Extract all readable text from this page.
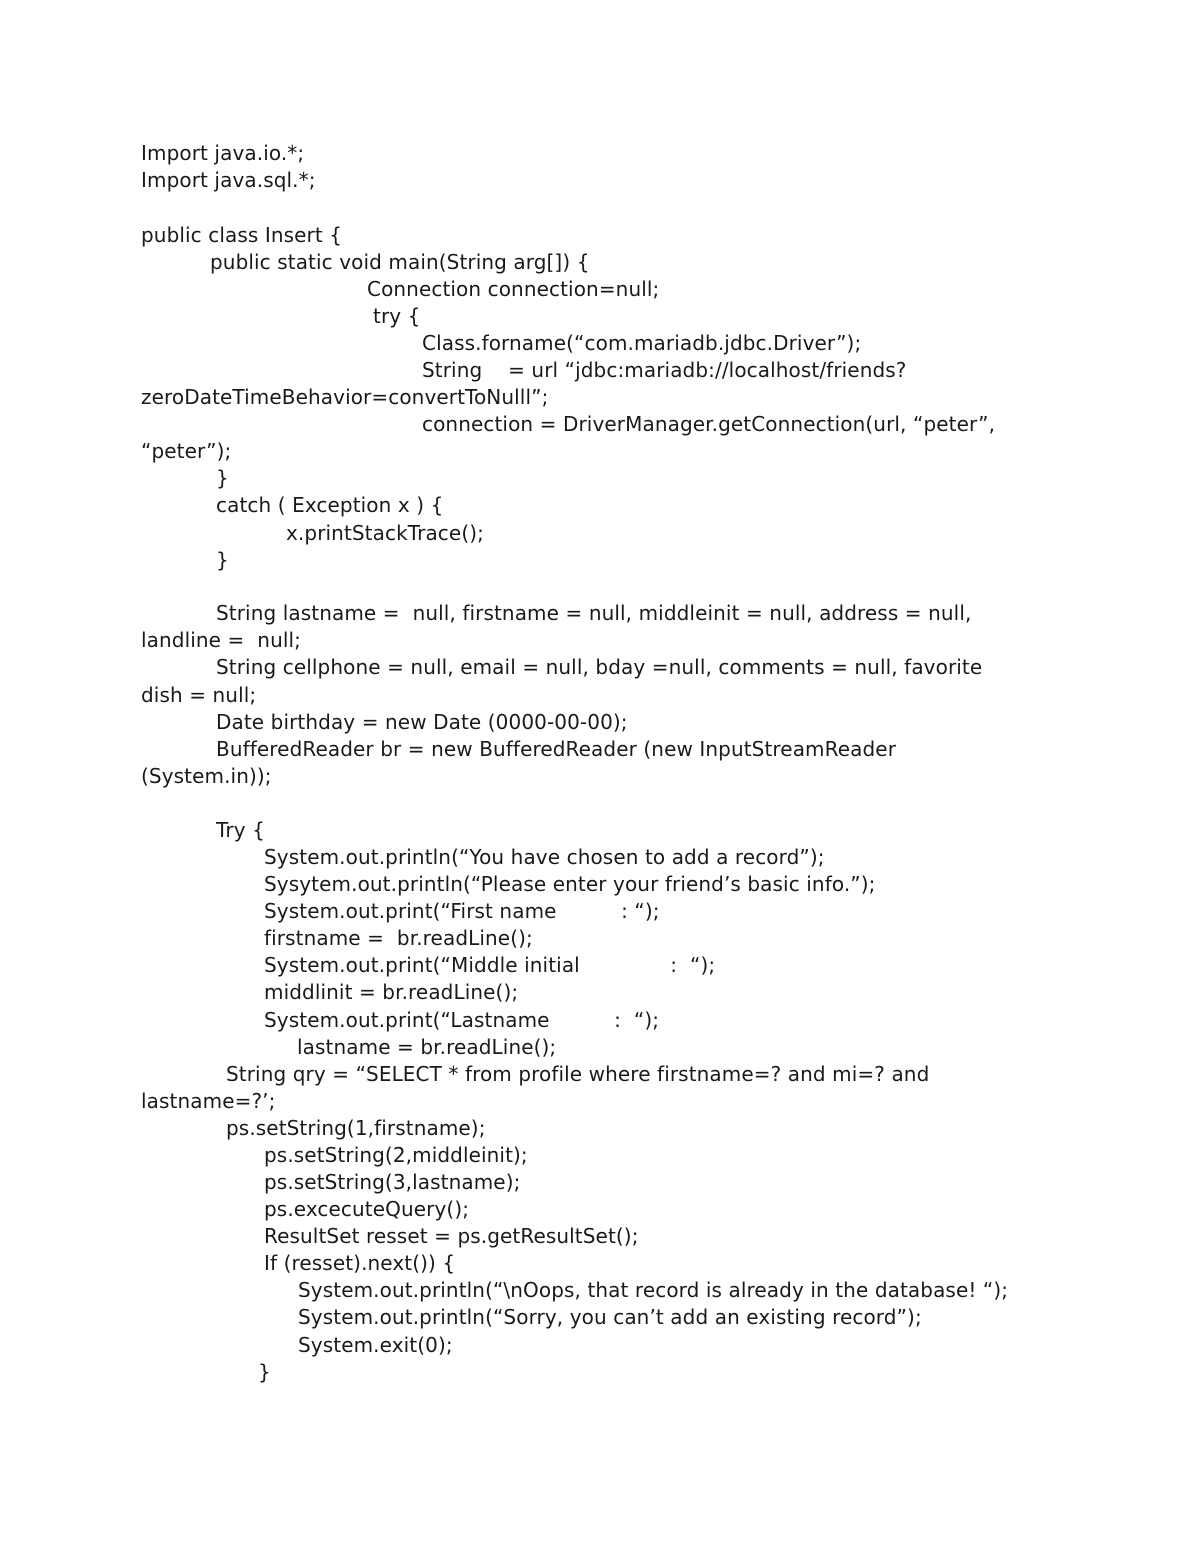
Import java.io.*;
Import java.sql.*;
public class Insert {
public static void main(String arg[]) {
Connection connection=null;
try {
Class.forname(“com.mariadb.jdbc.Driver”);
String    = url “jdbc:mariadb://localhost/friends?
zeroDateTimeBehavior=convertToNulll”;
connection = DriverManager.getConnection(url, “peter”,
“peter”);
}
catch ( Exception x ) {
x.printStackTrace();
}
String lastname =  null, firstname = null, middleinit = null, address = null,
landline =  null;
String cellphone = null, email = null, bday =null, comments = null, favorite
dish = null;
Date birthday = new Date (0000-00-00);
BufferedReader br = new BufferedReader (new InputStreamReader
(System.in));
Try {
System.out.println(“You have chosen to add a record”);
Sysytem.out.println(“Please enter your friend’s basic info.”);
System.out.print(“First name          : “);
firstname =  br.readLine();
System.out.print(“Middle initial              :  “);
middlinit = br.readLine();
System.out.print(“Lastname          :  “);
lastname = br.readLine();
String qry = “SELECT * from profile where firstname=? and mi=? and
lastname=?’;
ps.setString(1,firstname);
ps.setString(2,middleinit);
ps.setString(3,lastname);
ps.excecuteQuery();
ResultSet resset = ps.getResultSet();
If (resset).next()) {
System.out.println(“\nOops, that record is already in the database! “);
System.out.println(“Sorry, you can’t add an existing record”);
System.exit(0);
}
